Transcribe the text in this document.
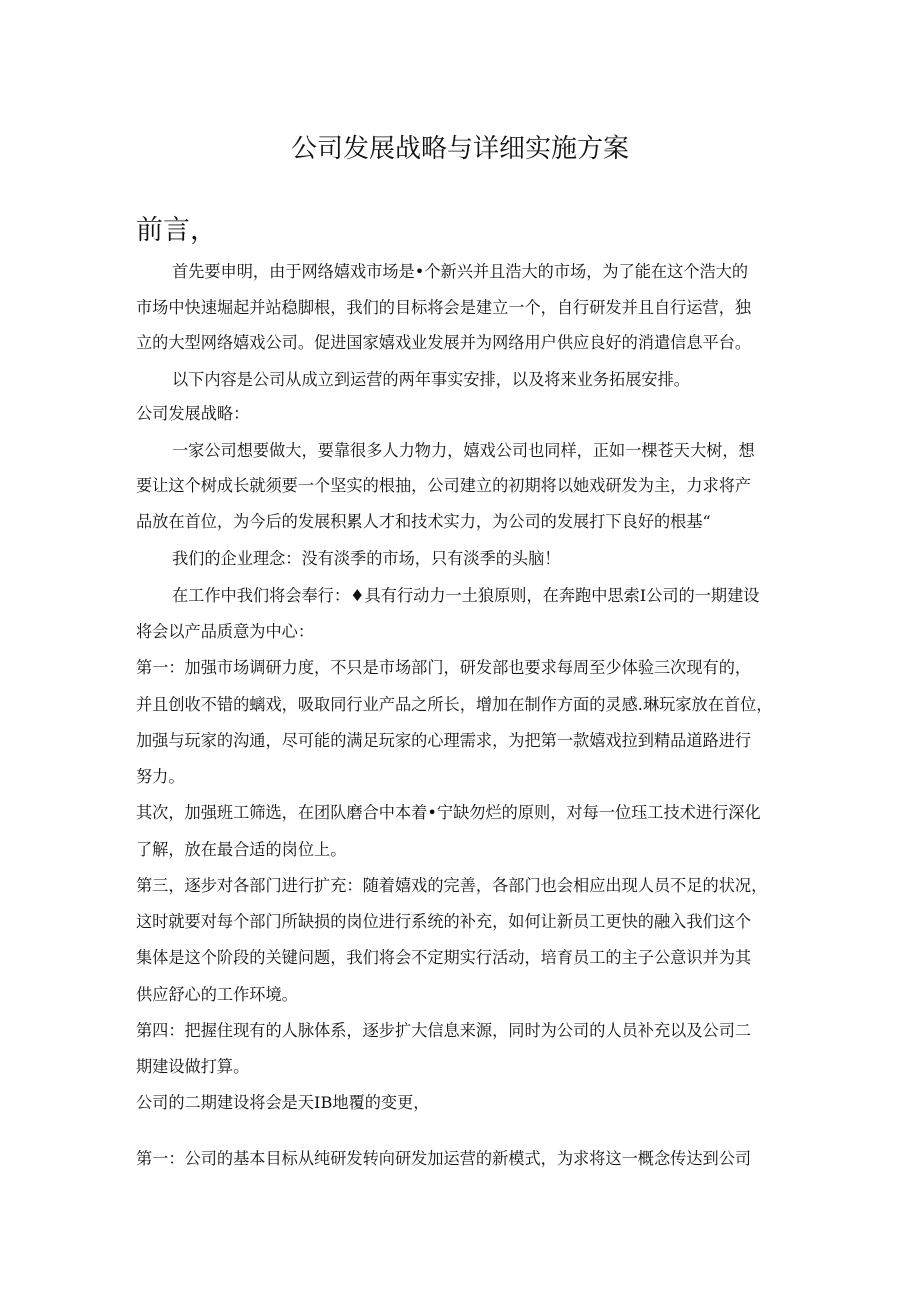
公司发展战略与详细实施方案
前言，
首先要申明，由于网络嬉戏市场是•个新兴并且浩大的市场，为了能在这个浩大的
市场中快速堀起并站稳脚根，我们的目标将会是建立一个，自行研发并且自行运营，独
立的大型网络嬉戏公司。促进国家嬉戏业发展并为网络用户供应良好的消遣信息平台。
以下内容是公司从成立到运营的两年事实安排，以及将来业务拓展安排。
公司发展战略：
一家公司想要做大，要靠很多人力物力，嬉戏公司也同样，正如一棵苍天大树，想
要让这个树成长就须要一个坚实的根抽，公司建立的初期将以她戏研发为主，力求将产
品放在首位，为今后的发展积累人才和技术实力，为公司的发展打下良好的根基“
我们的企业理念：没有淡季的市场，只有淡季的头脑！
在工作中我们将会奉行：♦具有行动力一土狼原则，在奔跑中思索I公司的一期建设
将会以产品质意为中心：
第一：加强市场调研力度，不只是市场部门，研发部也要求每周至少体验三次现有的，
并且创收不错的螭戏，吸取同行业产品之所长，增加在制作方面的灵感.琳玩家放在首位，
加强与玩家的沟通，尽可能的满足玩家的心理需求，为把第一款嬉戏拉到精品道路进行
努力。
其次，加强班工筛选，在团队磨合中本着•宁缺勿烂的原则，对每一位珏工技术进行深化
了解，放在最合适的岗位上。
第三，逐步对各部门进行扩充：随着嬉戏的完善，各部门也会相应出现人员不足的状况，
这时就要对每个部门所缺损的岗位进行系统的补充，如何让新员工更快的融入我们这个
集体是这个阶段的关键问题，我们将会不定期实行活动，培育员工的主子公意识并为其
供应舒心的工作环境。
第四：把握住现有的人脉体系，逐步扩大信息来源，同时为公司的人员补充以及公司二
期建设做打算。
公司的二期建设将会是天IB地覆的变更，
第一：公司的基本目标从纯研发转向研发加运营的新模式，为求将这一概念传达到公司
